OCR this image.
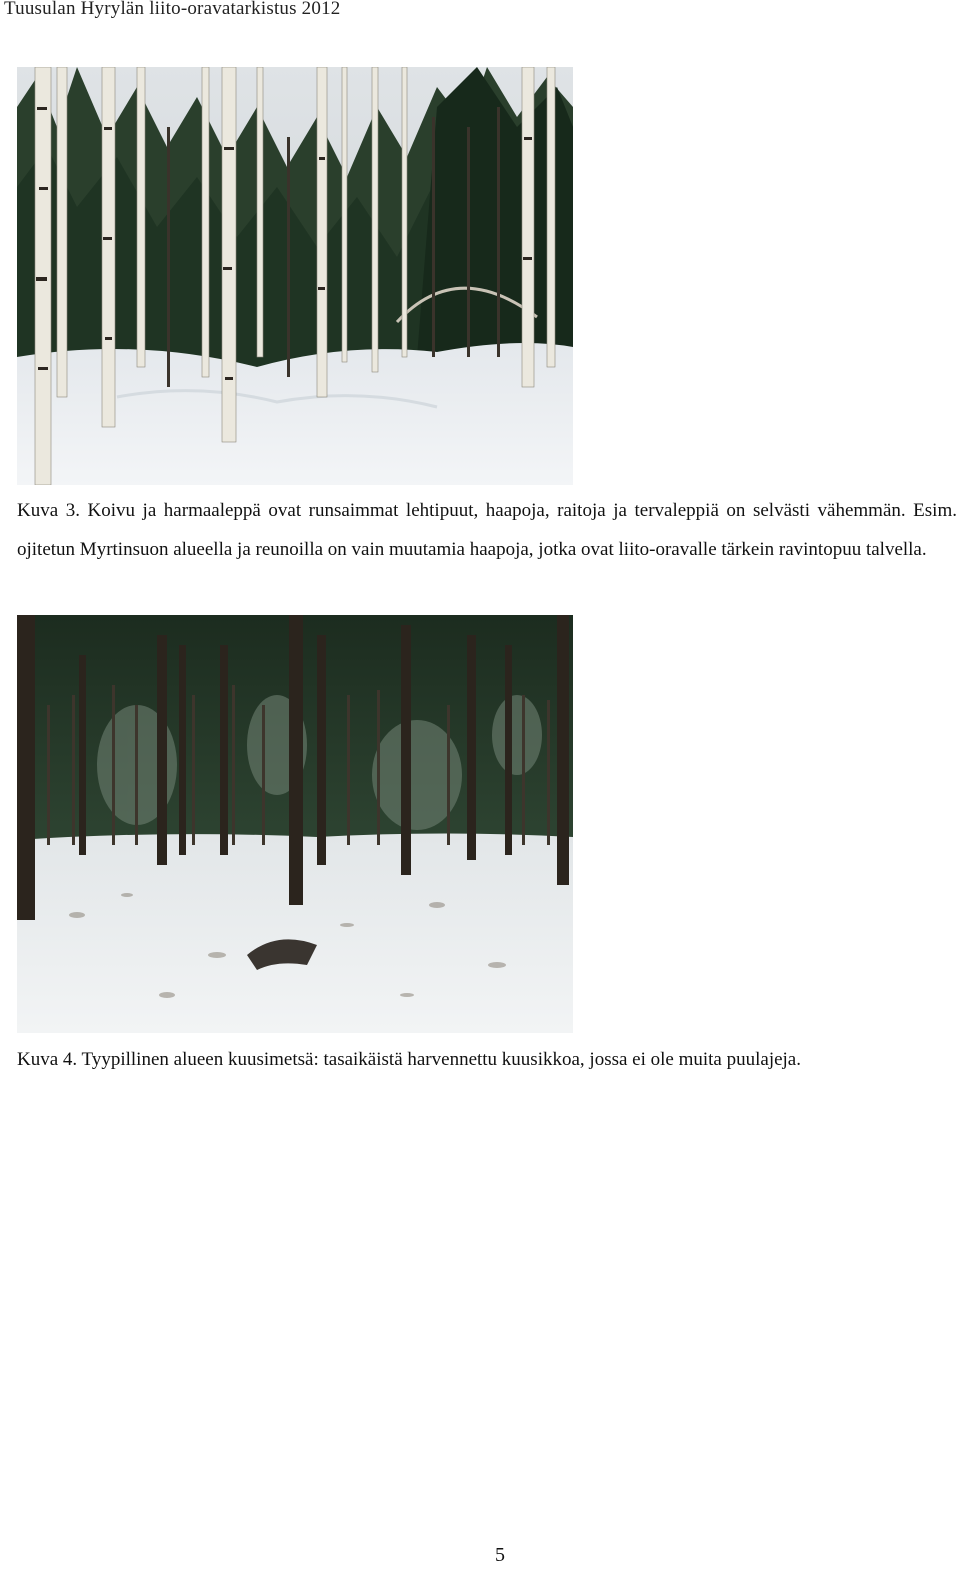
Tuusulan Hyrylän liito-oravatarkistus 2012
Kuva 3. Koivu ja harmaaleppä ovat runsaimmat lehtipuut, haapoja, raitoja ja tervaleppiä on selvästi vähemmän. Esim. ojitetun Myrtinsuon alueella ja reunoilla on vain muutamia haapoja, jotka ovat liito-oravalle tärkein ravintopuu talvella.
Kuva 4. Tyypillinen alueen kuusimetsä: tasaikäistä harvennettu kuusikkoa, jossa ei ole muita puulajeja.
5
